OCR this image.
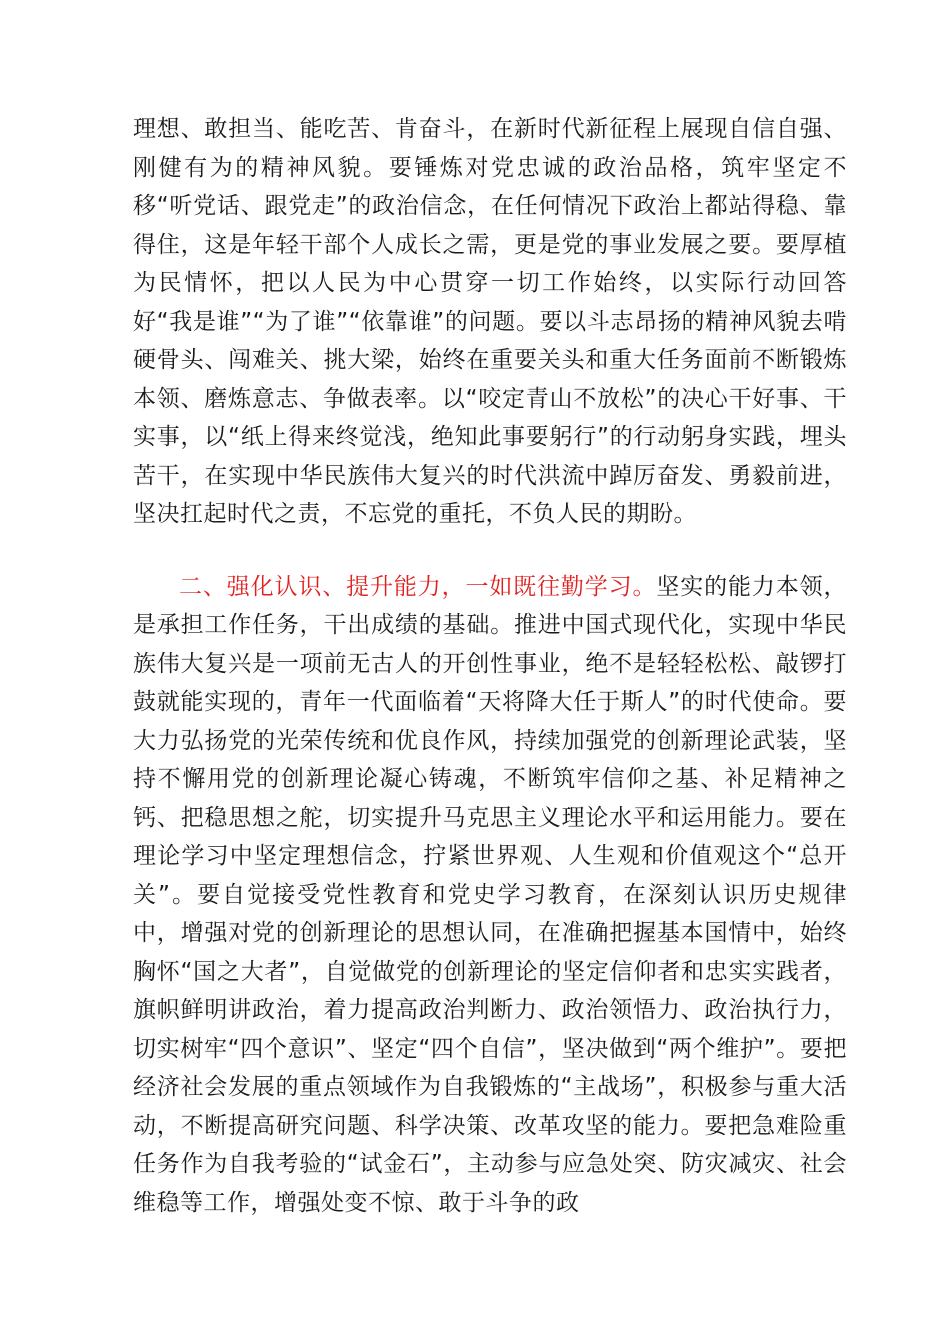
理想、敢担当、能吃苦、肯奋斗，在新时代新征程上展现自信自强、刚健有为的精神风貌。要锤炼对党忠诚的政治品格，筑牢坚定不移“听党话、跟党走”的政治信念，在任何情况下政治上都站得稳、靠得住，这是年轻干部个人成长之需，更是党的事业发展之要。要厚植为民情怀，把以人民为中心贯穿一切工作始终，以实际行动回答好“我是谁”“为了谁”“依靠谁”的问题。要以斗志昂扬的精神风貌去啃硬骨头、闯难关、挑大梁，始终在重要关头和重大任务面前不断锻炼本领、磨炼意志、争做表率。以“咬定青山不放松”的决心干好事、干实事，以“纸上得来终觉浅，绝知此事要躬行”的行动躬身实践，埋头苦干，在实现中华民族伟大复兴的时代洪流中踔厉奋发、勇毅前进，坚决扛起时代之责，不忘党的重托，不负人民的期盼。

二、强化认识、提升能力，一如既往勤学习。坚实的能力本领，是承担工作任务，干出成绩的基础。推进中国式现代化，实现中华民族伟大复兴是一项前无古人的开创性事业，绝不是轻轻松松、敲锣打鼓就能实现的，青年一代面临着“天将降大任于斯人”的时代使命。要大力弘扬党的光荣传统和优良作风，持续加强党的创新理论武装，坚持不懈用党的创新理论凝心铸魂，不断筑牢信仰之基、补足精神之钙、把稳思想之舵，切实提升马克思主义理论水平和运用能力。要在理论学习中坚定理想信念，拧紧世界观、人生观和价值观这个“总开关”。要自觉接受党性教育和党史学习教育，在深刻认识历史规律中，增强对党的创新理论的思想认同，在准确把握基本国情中，始终胸怀“国之大者”，自觉做党的创新理论的坚定信仰者和忠实实践者，旗帜鲜明讲政治，着力提高政治判断力、政治领悟力、政治执行力，切实树牢“四个意识”、坚定“四个自信”，坚决做到“两个维护”。要把经济社会发展的重点领域作为自我锻炼的“主战场”，积极参与重大活动，不断提高研究问题、科学决策、改革攻坚的能力。要把急难险重任务作为自我考验的“试金石”，主动参与应急处突、防灾减灾、社会维稳等工作，增强处变不惊、敢于斗争的政
